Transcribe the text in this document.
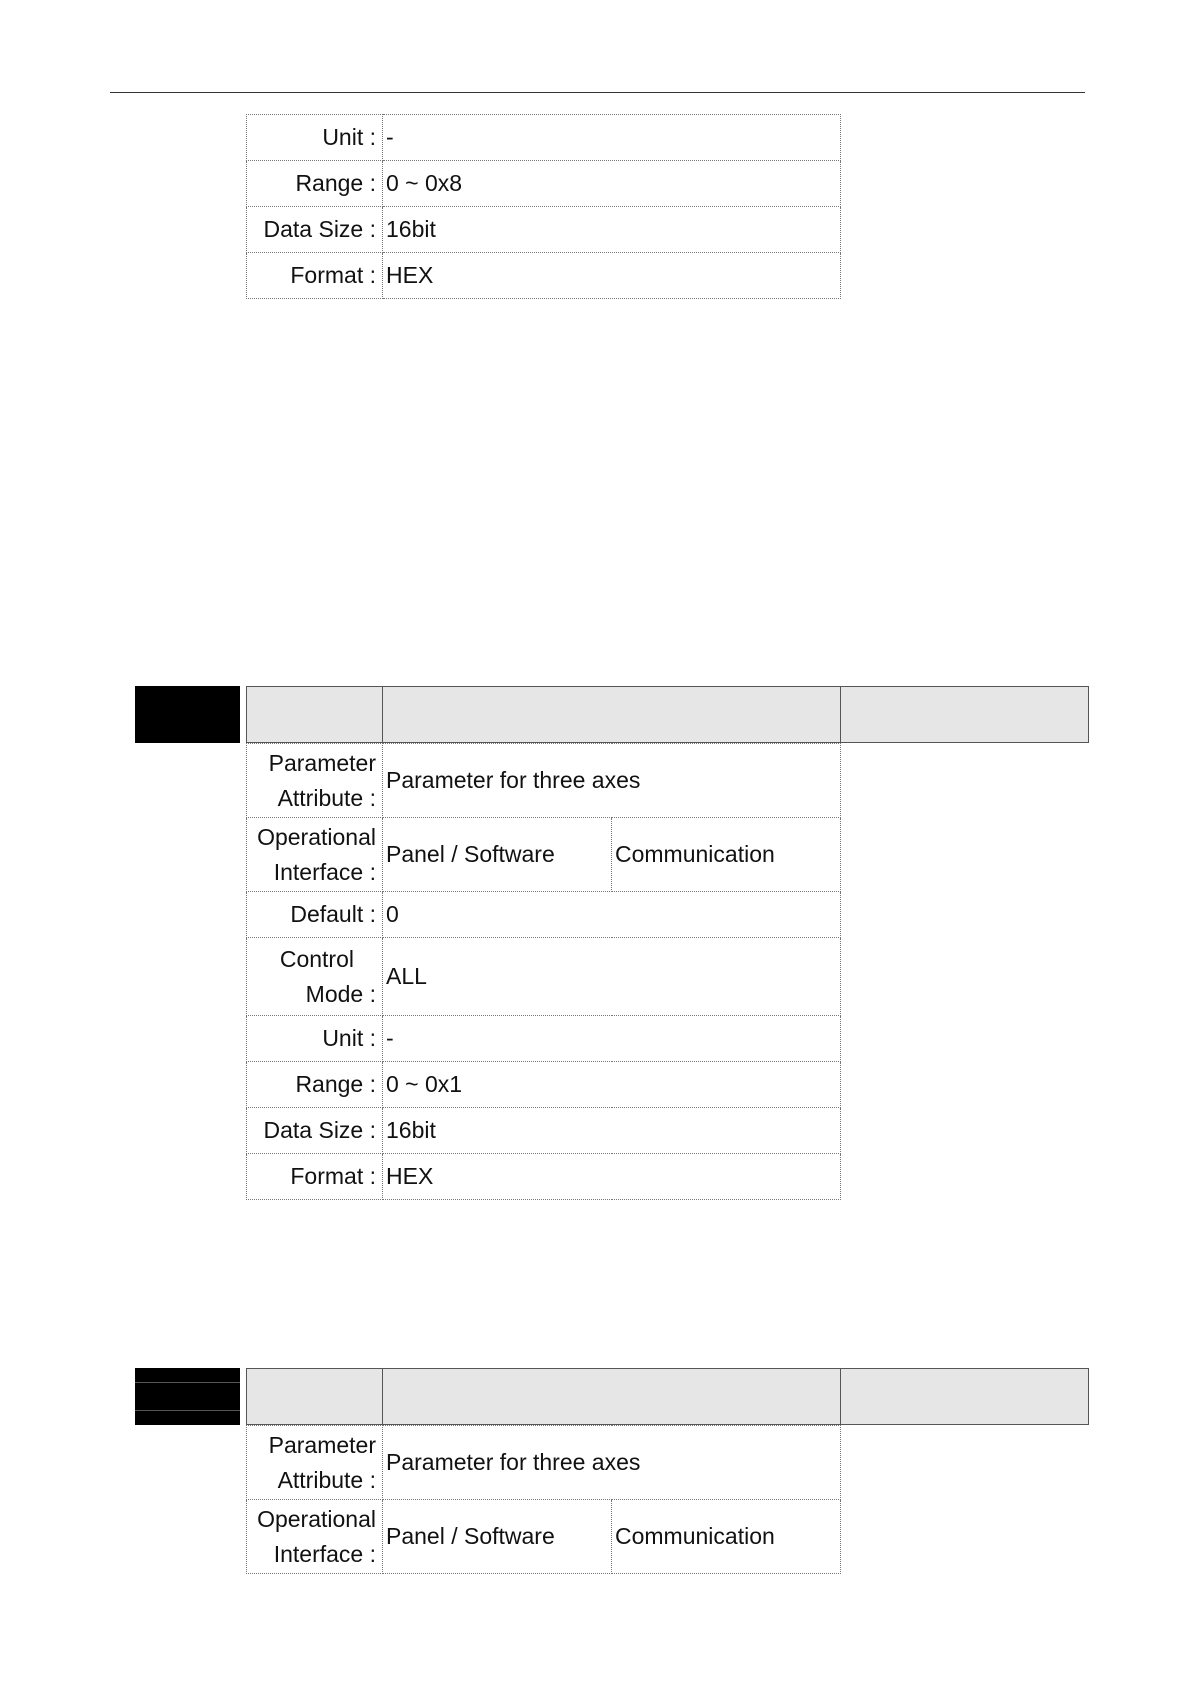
Unit :	-
Range :	0 ~ 0x8
Data Size :	16bit
Format :	HEX
Parameter
Attribute :	Parameter for three axes	

Operational
Interface :	Panel / Software	Communication
Default :	0	

Control
Mode :	ALL	
Unit :	-	
Range :	0 ~ 0x1	
Data Size :	16bit	
Format :	HEX	
Parameter
Attribute :	Parameter for three axes	

Operational
Interface :	Panel / Software	Communication
